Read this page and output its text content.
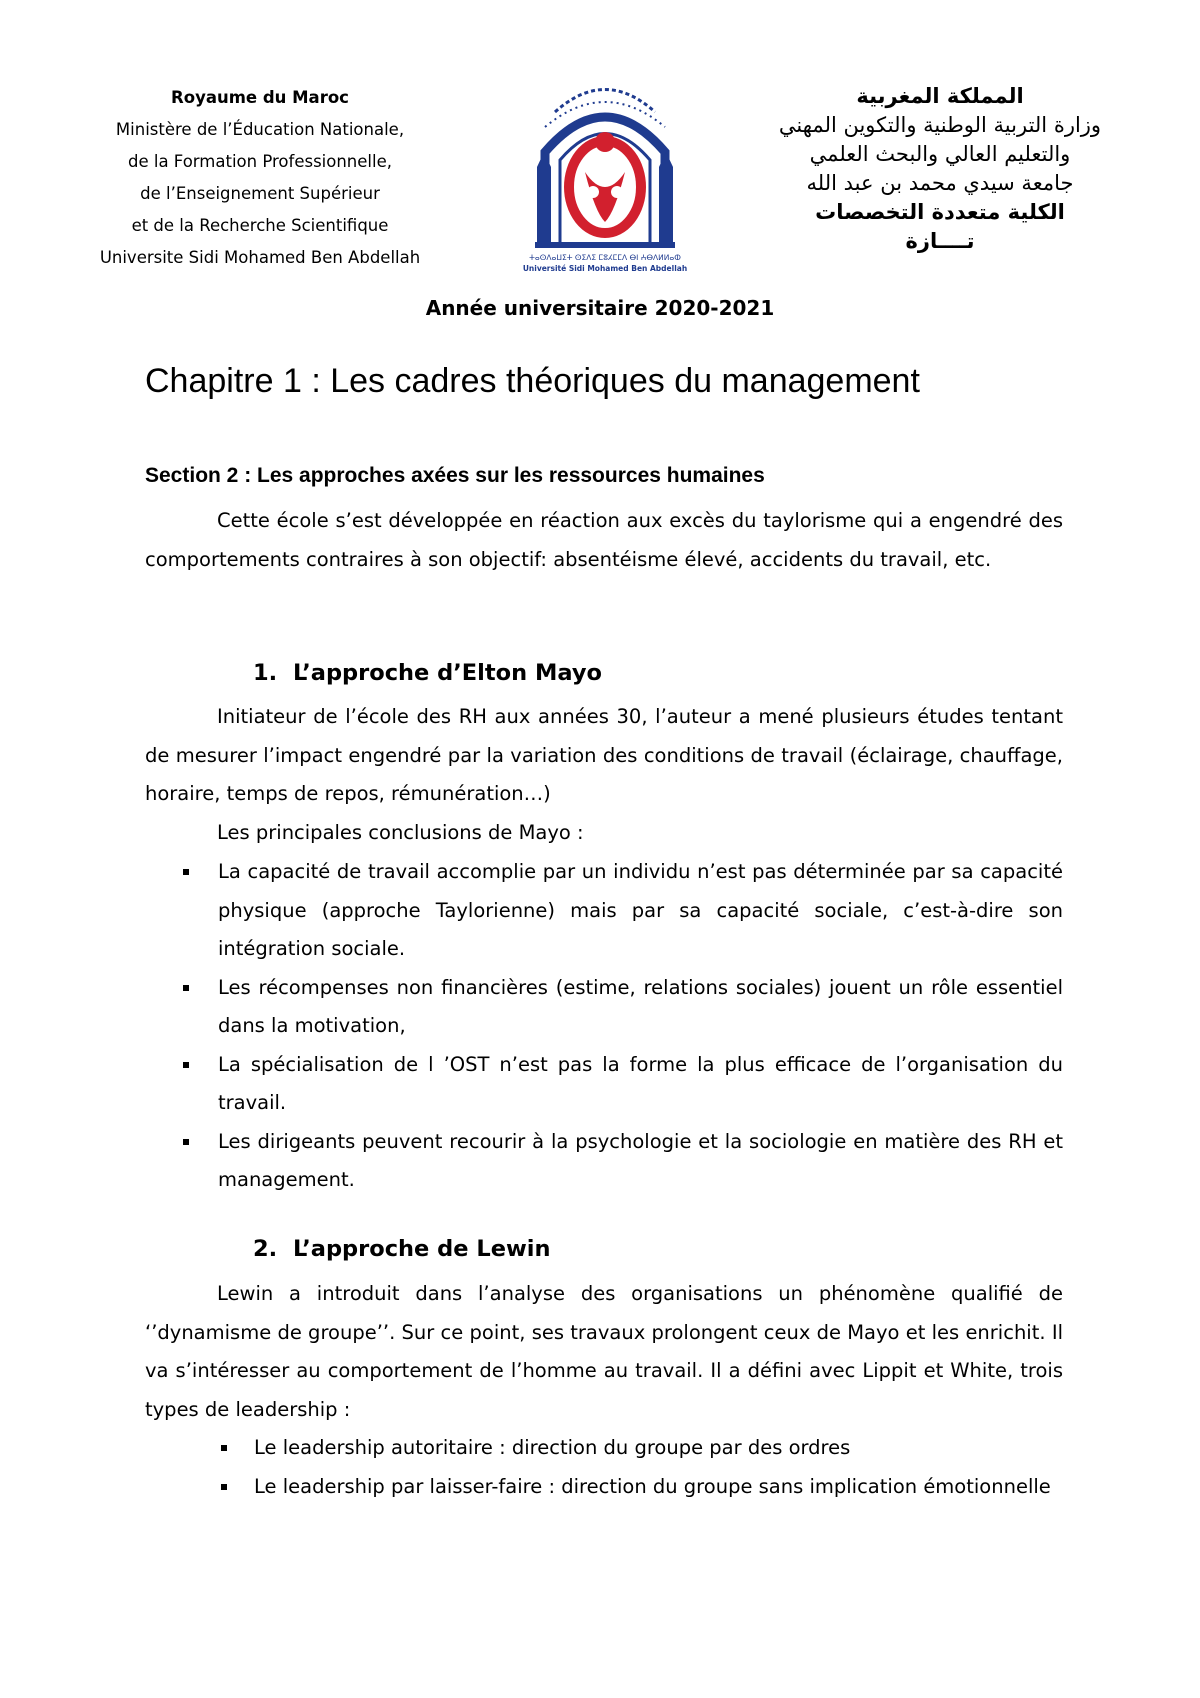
Royaume du Maroc
Ministère de l’Éducation Nationale,
de la Formation Professionnelle,
de l’Enseignement Supérieur
et de la Recherche Scientifique
Universite Sidi Mohamed Ben Abdellah	ⵜⴰⵙⴷⴰⵡⵉⵜ ⵙⵉⴷⵉ ⵎⵓⵃⵎⵎⴷ ⴱⵏ ⵄⴱⴷⵍⵍⴰⵀ
Université Sidi Mohamed Ben Abdellah
المملكة المغربية
وزارة التربية الوطنية والتكوين المهني
والتعليم العالي والبحث العلمي
جامعة سيدي محمد بن عبد الله
الكلية متعددة التخصصات
تــــازة
Année universitaire 2020-2021
Chapitre 1 : Les cadres théoriques du management
Section 2 : Les approches axées sur les ressources humaines
Cette école s’est développée en réaction aux excès du taylorisme qui a engendré des comportements contraires à son objectif: absentéisme élevé, accidents du travail, etc.
1. L’approche d’Elton Mayo
Initiateur de l’école des RH aux années 30, l’auteur a mené plusieurs études tentant de mesurer l’impact engendré par la variation des conditions de travail (éclairage, chauffage, horaire, temps de repos, rémunération…)
Les principales conclusions de Mayo :
La capacité de travail accomplie par un individu n’est pas déterminée par sa capacité physique (approche Taylorienne) mais par sa capacité sociale, c’est-à-dire son intégration sociale.
Les récompenses non financières (estime, relations sociales) jouent un rôle essentiel dans la motivation,
La spécialisation de l ’OST n’est pas la forme la plus efficace de l’organisation du travail.
Les dirigeants peuvent recourir à la psychologie et la sociologie en matière des RH et management.
2. L’approche de Lewin
Lewin a introduit dans l’analyse des organisations un phénomène qualifié de ‘’dynamisme de groupe’’. Sur ce point, ses travaux prolongent ceux de Mayo et les enrichit. Il va s’intéresser au comportement de l’homme au travail. Il a défini avec Lippit et White, trois types de leadership :
Le leadership autoritaire : direction du groupe par des ordres
Le leadership par laisser-faire : direction du groupe sans implication émotionnelle
